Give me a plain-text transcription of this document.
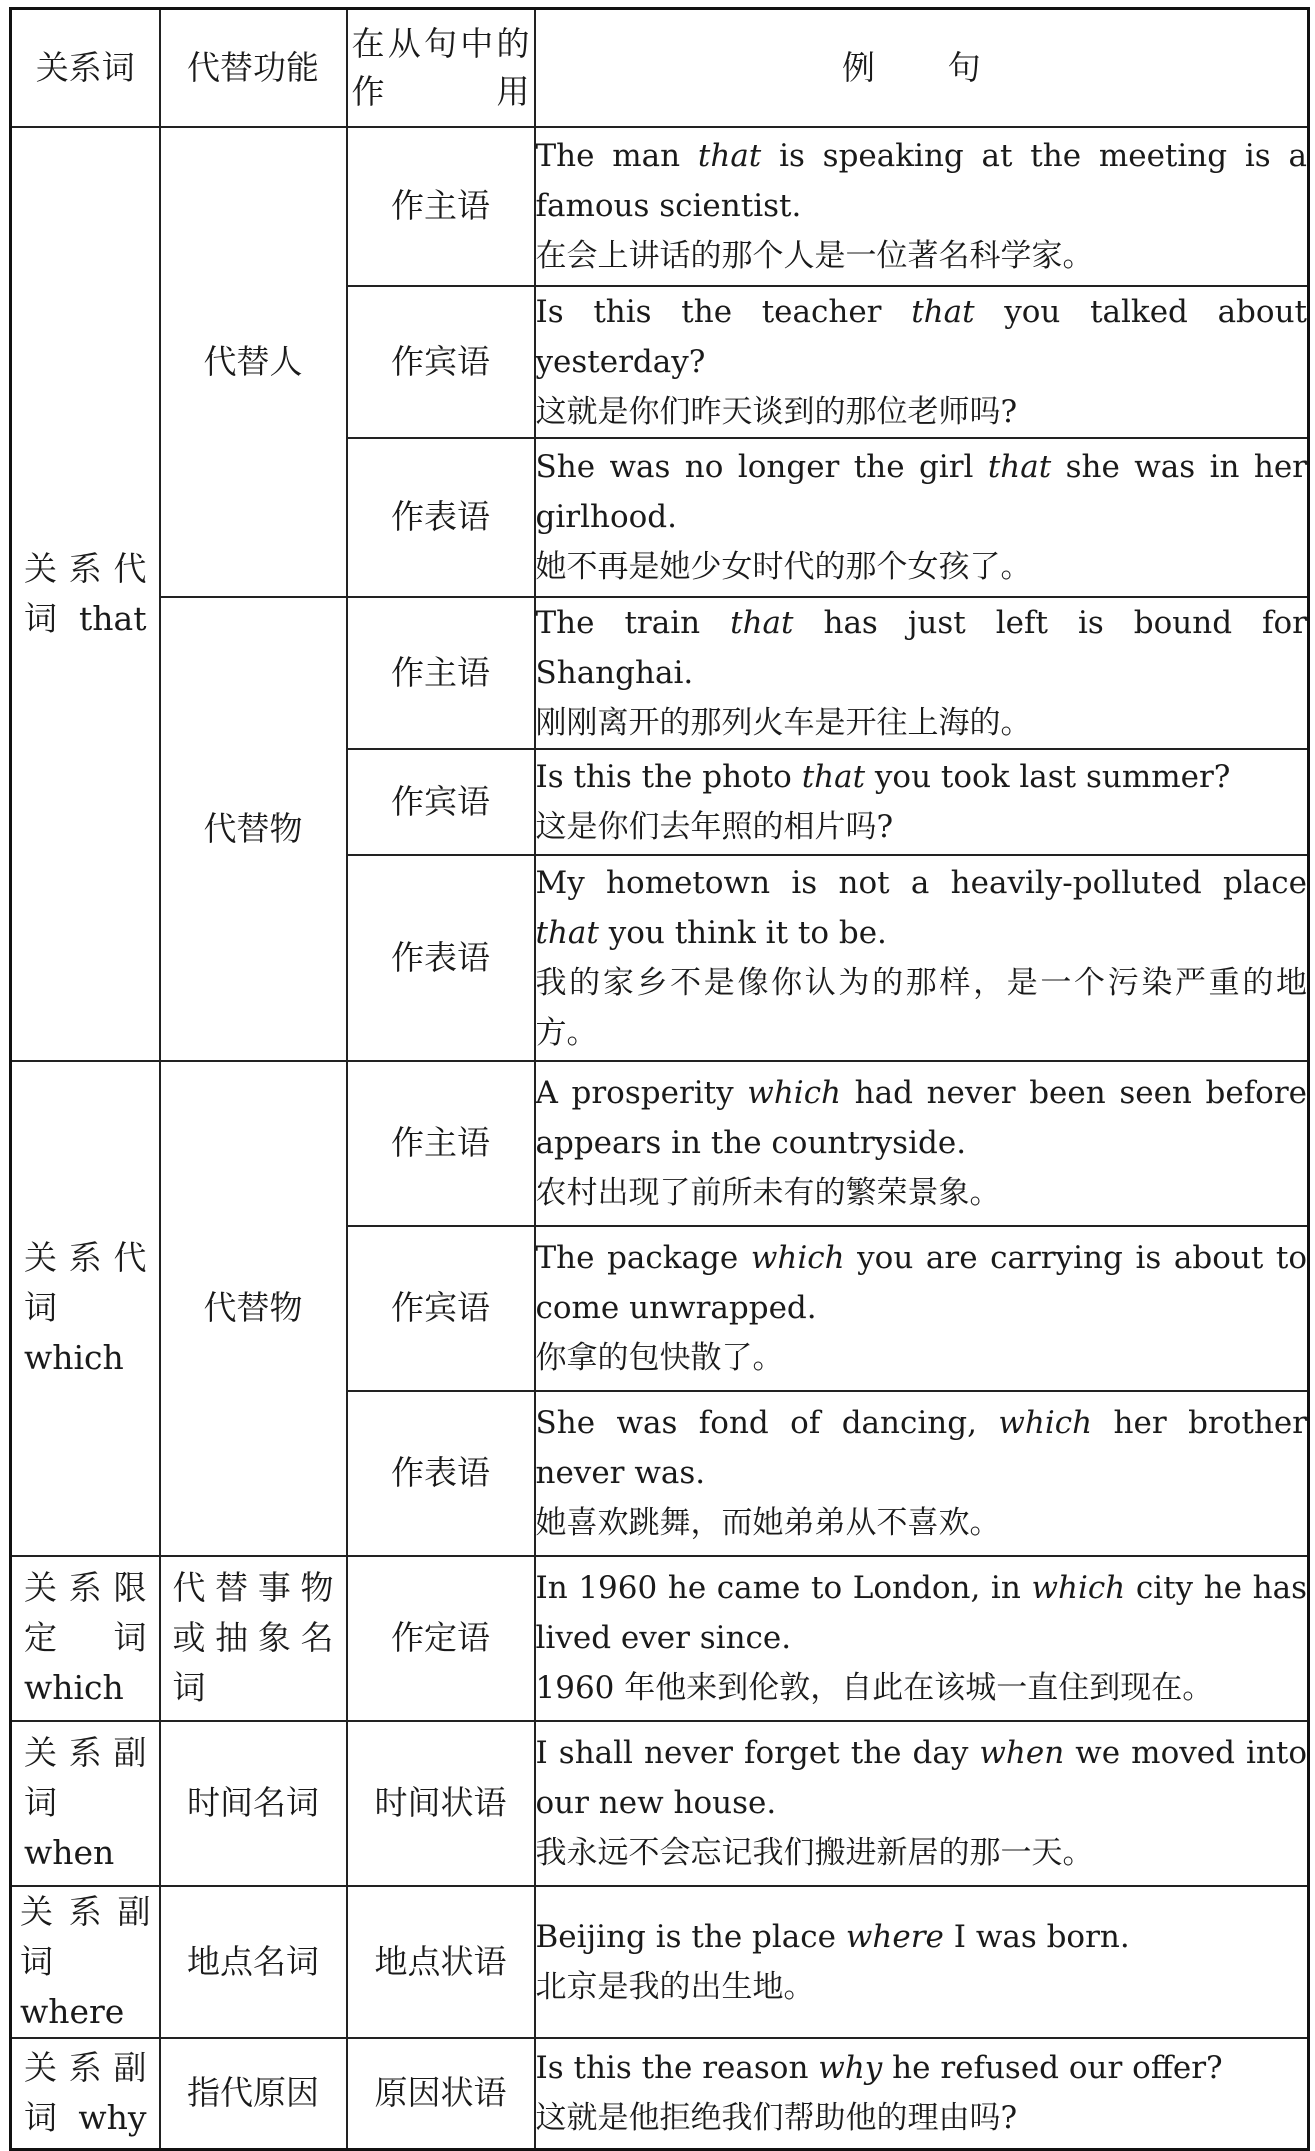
关系词	代替功能	在从句中的作用	例　句

关系代词 that	代替人	作主语	The man that is speaking at the meeting is a famous scientist.
在会上讲话的那个人是一位著名科学家。

		作宾语	Is this the teacher that you talked about yesterday?
这就是你们昨天谈到的那位老师吗?

		作表语	She was no longer the girl that she was in her girlhood.
她不再是她少女时代的那个女孩了。

	代替物	作主语	The train that has just left is bound for Shanghai.
刚刚离开的那列火车是开往上海的。

		作宾语	Is this the photo that you took last summer?
这是你们去年照的相片吗?

		作表语	My hometown is not a heavily-polluted place that you think it to be.
我的家乡不是像你认为的那样，是一个污染严重的地方。

关系代词 which	代替物	作主语	A prosperity which had never been seen before appears in the countryside.
农村出现了前所未有的繁荣景象。

		作宾语	The package which you are carrying is about to come unwrapped.
你拿的包快散了。

		作表语	She was fond of dancing, which her brother never was.
她喜欢跳舞，而她弟弟从不喜欢。

关系限定 词 which	代替事物或抽象名词	作定语	In 1960 he came to London, in which city he has lived ever since.
1960 年他来到伦敦，自此在该城一直住到现在。

关系副词 when	时间名词	时间状语	I shall never forget the day when we moved into our new house.
我永远不会忘记我们搬进新居的那一天。

关系副词 where	地点名词	地点状语	Beijing is the place where I was born.
北京是我的出生地。

关系副词 why	指代原因	原因状语	Is this the reason why he refused our offer?
这就是他拒绝我们帮助他的理由吗?
